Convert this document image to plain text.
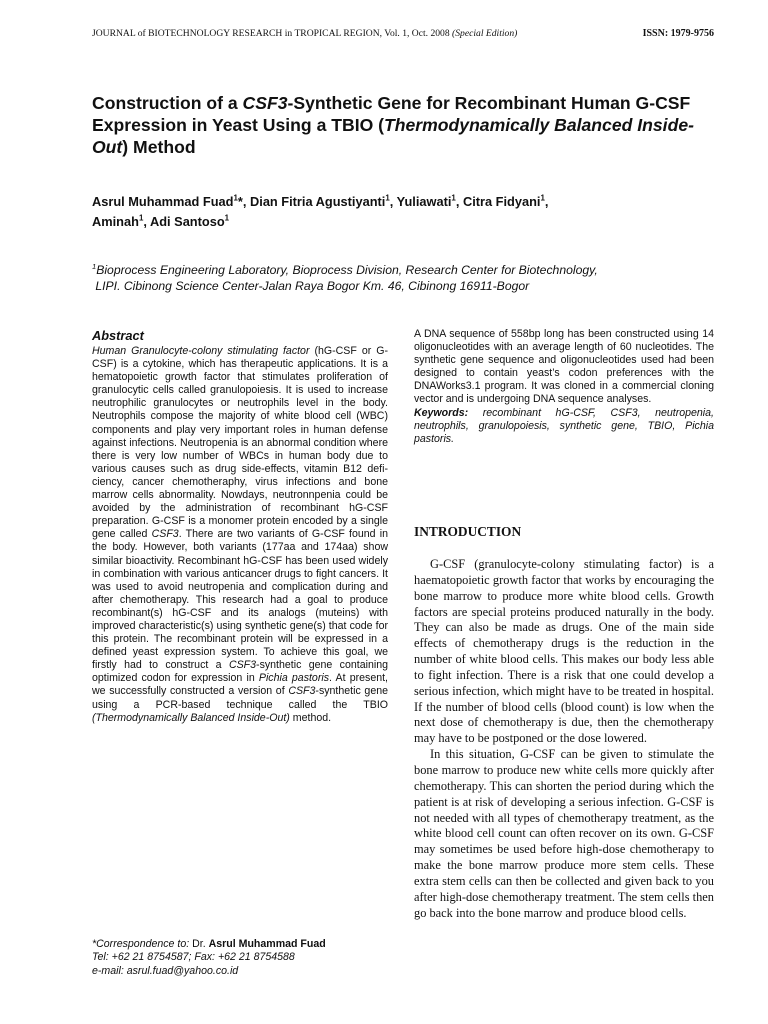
JOURNAL of BIOTECHNOLOGY RESEARCH in TROPICAL REGION, Vol. 1, Oct. 2008 (Special Edition)	ISSN: 1979-9756
Construction of a CSF3-Synthetic Gene for Recombinant Human G-CSF Expression in Yeast Using a TBIO (Thermodynamically Balanced Inside-Out) Method
Asrul Muhammad Fuad$^1$*, Dian Fitria Agustiyanti$^1$, Yuliawati$^1$, Citra Fidyani$^1$,
Aminah$^1$, Adi Santoso$^1$
$^1$Bioprocess Engineering Laboratory, Bioprocess Division, Research Center for Biotechnology,
LIPI. Cibinong Science Center-Jalan Raya Bogor Km. 46, Cibinong 16911-Bogor
Abstract

Human Granulocyte-colony stimulating factor (hG-CSF or G-CSF) is a cytokine, which has therapeutic applications. It is a hematopoietic growth factor that stimulates proliferation of granulocytic cells called granulopoiesis. It is used to increase neutrophilic granulocytes or neutrophils level in the body. Neutrophils compose the majority of white blood cell (WBC) components and play very important roles in human defense against infections. Neutropenia is an abnormal condition where there is very low number of WBCs in human body due to various causes such as drug side-effects, vitamin B12 defi-ciency, cancer chemotheraphy, virus infections and bone marrow cells abnormality. Nowdays, neutronnpenia could be avoided by the administration of recombinant hG-CSF preparation. G-CSF is a monomer protein encoded by a single gene called CSF3. There are two variants of G-CSF found in the body. However, both variants (177aa and 174aa) show similar bioactivity. Recombinant hG-CSF has been used widely in combination with various anticancer drugs to fight cancers. It was used to avoid neutropenia and complication during and after chemotherapy. This research had a goal to produce recombinant(s) hG-CSF and its analogs (muteins) with improved characteristic(s) using synthetic gene(s) that code for this protein. The recombinant protein will be expressed in a defined yeast expression system. To achieve this goal, we firstly had to construct a CSF3-synthetic gene containing optimized codon for expression in Pichia pastoris. At present, we successfully constructed a version of CSF3-synthetic gene using a PCR-based technique called the TBIO (Thermodynamically Balanced Inside-Out) method.

A DNA sequence of 558bp long has been constructed using 14 oligonucleotides with an average length of 60 nucleotides. The synthetic gene sequence and oligonucleotides used had been designed to contain yeast’s codon preferences with the DNAWorks3.1 program. It was cloned in a commercial cloning vector and is undergoing DNA sequence analyses.

Keywords: recombinant hG-CSF, CSF3, neutropenia, neutrophils, granulopoiesis, synthetic gene, TBIO, Pichia pastoris.

INTRODUCTION

G-CSF (granulocyte-colony stimulating factor) is a haematopoietic growth factor that works by encouraging the bone marrow to produce more white blood cells. Growth factors are special proteins produced naturally in the body. They can also be made as drugs. One of the main side effects of chemotherapy drugs is the reduction in the number of white blood cells. This makes our body less able to fight infection. There is a risk that one could develop a serious infection, which might have to be treated in hospital. If the number of blood cells (blood count) is low when the next dose of chemotherapy is due, then the chemotherapy may have to be postponed or the dose lowered.

In this situation, G-CSF can be given to stimulate the bone marrow to produce new white cells more quickly after chemotherapy. This can shorten the period during which the patient is at risk of developing a serious infection. G-CSF is not needed with all types of chemotherapy treatment, as the white blood cell count can often recover on its own. G-CSF may sometimes be used before high-dose chemotherapy to make the bone marrow produce more stem cells. These extra stem cells can then be collected and given back to you after high-dose chemotherapy treatment. The stem cells then go back into the bone marrow and produce blood cells.

*Correspondence to: Dr. Asrul Muhammad Fuad
Tel: +62 21 8754587; Fax: +62 21 8754588
e-mail: asrul.fuad@yahoo.co.id
